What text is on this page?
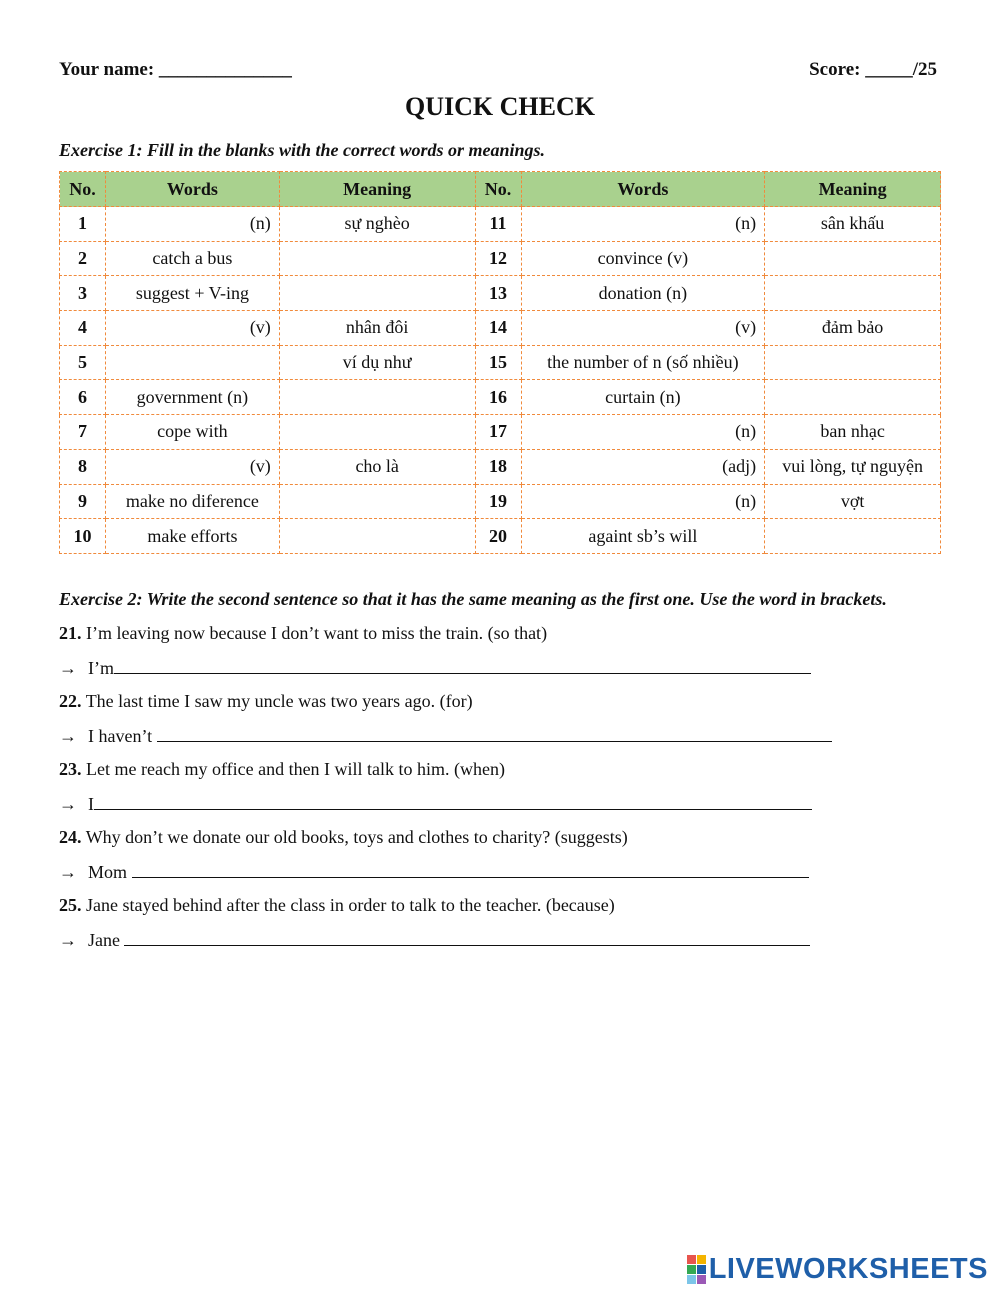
Your name: ______________	Score: _____/25
QUICK CHECK
Exercise 1: Fill in the blanks with the correct words or meanings.
No.	Words	Meaning	No.	Words	Meaning
1	(n)	sự nghèo	11	(n)	sân khấu
2	catch a bus		12	convince (v)	
3	suggest + V-ing		13	donation (n)	
4	(v)	nhân đôi	14	(v)	đảm bảo
5		ví dụ như	15	the number of n (số nhiều)	
6	government (n)		16	curtain (n)	
7	cope with		17	(n)	ban nhạc
8	(v)	cho là	18	(adj)	vui lòng, tự nguyện
9	make no diference		19	(n)	vợt
10	make efforts		20	againt sb’s will	
Exercise 2: Write the second sentence so that it has the same meaning as the first one. Use the word in brackets.
21. I’m leaving now because I don’t want to miss the train. (so that)
→ I’m
22. The last time I saw my uncle was two years ago. (for)
→ I haven’t
23. Let me reach my office and then I will talk to him. (when)
→ I
24. Why don’t we donate our old books, toys and clothes to charity? (suggests)
→ Mom
25. Jane stayed behind after the class in order to talk to the teacher. (because)
→ Jane
LIVEWORKSHEETS
